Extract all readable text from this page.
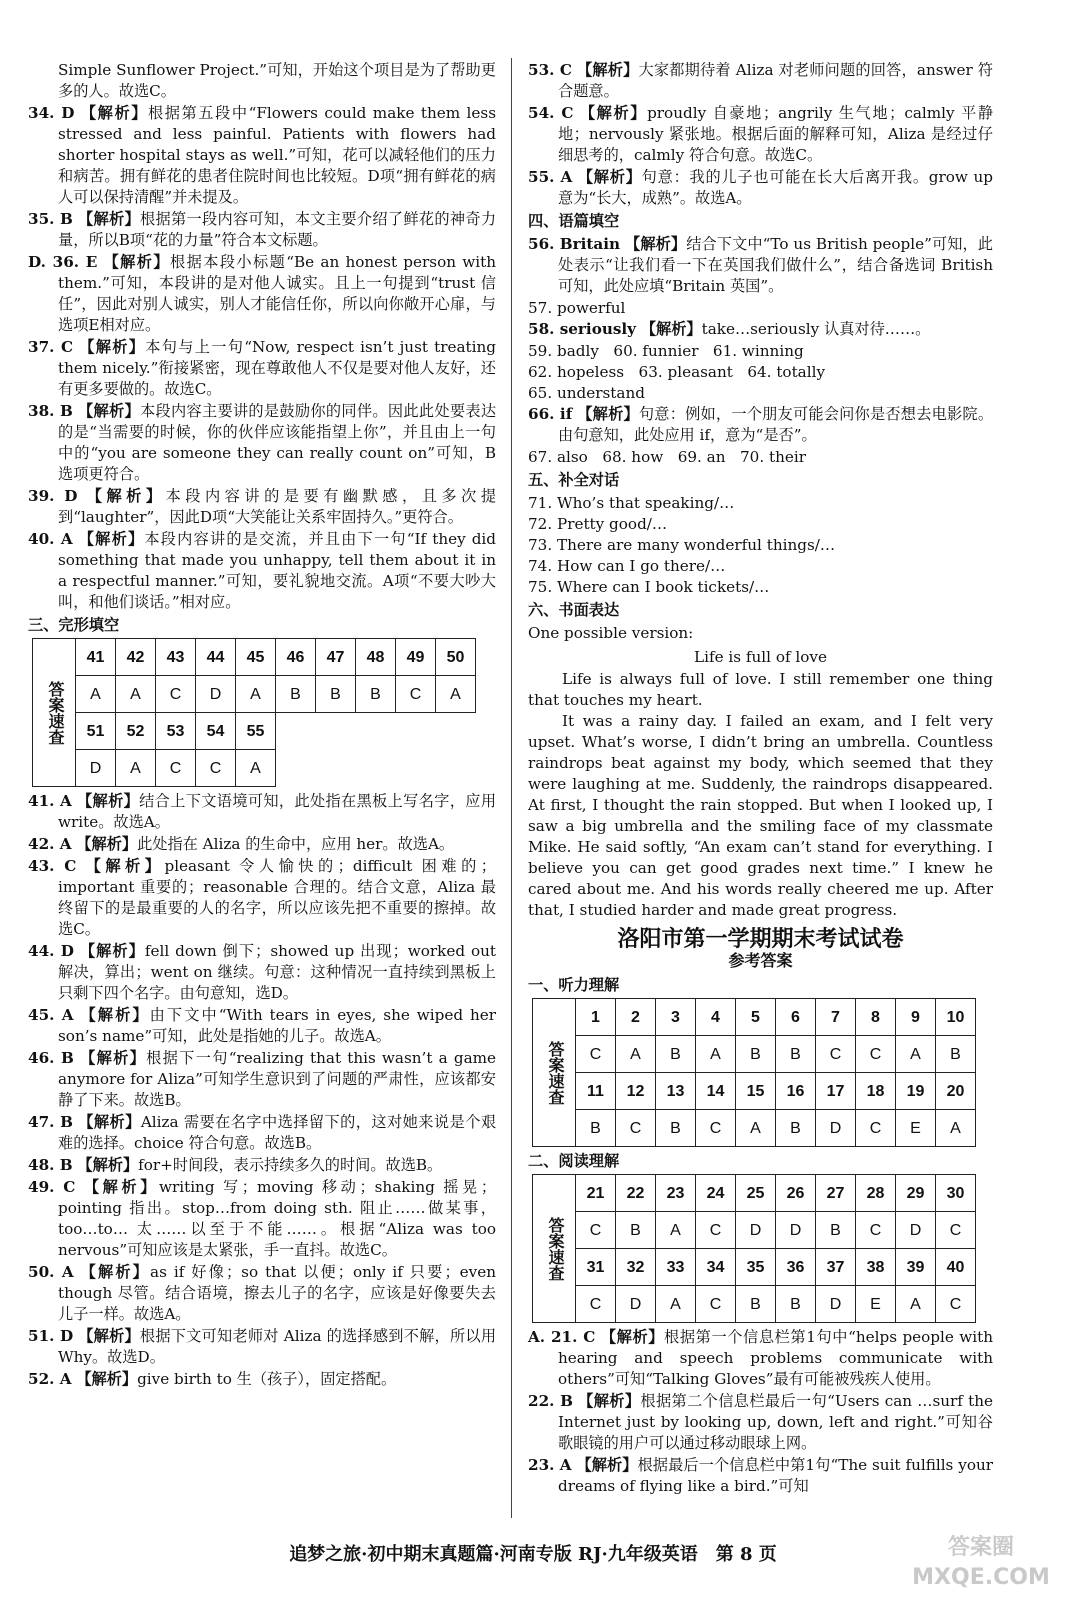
Simple Sunflower Project.”可知，开始这个项目是为了帮助更多的人。故选C。

34. D 【解析】根据第五段中“Flowers could make them less stressed and less painful. Patients with flowers had shorter hospital stays as well.”可知，花可以减轻他们的压力和病苦。拥有鲜花的患者住院时间也比较短。D项“拥有鲜花的病人可以保持清醒”并未提及。

35. B 【解析】根据第一段内容可知，本文主要介绍了鲜花的神奇力量，所以B项“花的力量”符合本文标题。

D. 36. E 【解析】根据本段小标题“Be an honest person with them.”可知，本段讲的是对他人诚实。且上一句提到“trust 信任”，因此对别人诚实，别人才能信任你，所以向你敞开心扉，与选项E相对应。

37. C 【解析】本句与上一句“Now, respect isn’t just treating them nicely.”衔接紧密，现在尊敢他人不仅是要对他人友好，还有更多要做的。故选C。

38. B 【解析】本段内容主要讲的是鼓励你的同伴。因此此处要表达的是“当需要的时候，你的伙伴应该能指望上你”，并且由上一句中的“you are someone they can really count on”可知，B选项更符合。

39. D 【解析】本段内容讲的是要有幽默感，且多次提到“laughter”，因此D项“大笑能让关系牢固持久。”更符合。

40. A 【解析】本段内容讲的是交流，并且由下一句“If they did something that made you unhappy, tell them about it in a respectful manner.”可知，要礼貌地交流。A项“不要大吵大叫，和他们谈话。”相对应。

三、完形填空
答案速查	41	42	43	44	45	46	47	48	49	50
	A	A	C	D	A	B	B	B	C	A
	51	52	53	54	55					
	D	A	C	C	A					

41. A 【解析】结合上下文语境可知，此处指在黑板上写名字，应用 write。故选A。

42. A 【解析】此处指在 Aliza 的生命中，应用 her。故选A。

43. C 【解析】pleasant 令人愉快的；difficult 困难的；important 重要的；reasonable 合理的。结合文意，Aliza 最终留下的是最重要的人的名字，所以应该先把不重要的擦掉。故选C。

44. D 【解析】fell down 倒下；showed up 出现；worked out 解决，算出；went on 继续。句意：这种情况一直持续到黑板上只剩下四个名字。由句意知，选D。

45. A 【解析】由下文中“With tears in eyes, she wiped her son’s name”可知，此处是指她的儿子。故选A。

46. B 【解析】根据下一句“realizing that this wasn’t a game anymore for Aliza”可知学生意识到了问题的严肃性，应该都安静了下来。故选B。

47. B 【解析】Aliza 需要在名字中选择留下的，这对她来说是个艰难的选择。choice 符合句意。故选B。

48. B 【解析】for+时间段，表示持续多久的时间。故选B。

49. C 【解析】writing 写；moving 移动；shaking 摇晃；pointing 指出。stop…from doing sth. 阻止……做某事，too…to… 太……以至于不能……。根据“Aliza was too nervous”可知应该是太紧张，手一直抖。故选C。

50. A 【解析】as if 好像；so that 以便；only if 只要；even though 尽管。结合语境，擦去儿子的名字，应该是好像要失去儿子一样。故选A。

51. D 【解析】根据下文可知老师对 Aliza 的选择感到不解，所以用 Why。故选D。

52. A 【解析】give birth to 生（孩子），固定搭配。

53. C 【解析】大家都期待着 Aliza 对老师问题的回答，answer 符合题意。

54. C 【解析】proudly 自豪地；angrily 生气地；calmly 平静地；nervously 紧张地。根据后面的解释可知，Aliza 是经过仔细思考的，calmly 符合句意。故选C。

55. A 【解析】句意：我的儿子也可能在长大后离开我。grow up 意为“长大，成熟”。故选A。

四、语篇填空

56. Britain 【解析】结合下文中“To us British people”可知，此处表示“让我们看一下在英国我们做什么”，结合备选词 British 可知，此处应填“Britain 英国”。

57. powerful

58. seriously 【解析】take…seriously 认真对待……。

59. badly   60. funnier   61. winning

62. hopeless   63. pleasant   64. totally

65. understand

66. if 【解析】句意：例如，一个朋友可能会问你是否想去电影院。由句意知，此处应用 if，意为“是否”。

67. also   68. how   69. an   70. their

五、补全对话

71. Who’s that speaking/…

72. Pretty good/…

73. There are many wonderful things/…

74. How can I go there/…

75. Where can I book tickets/…

六、书面表达

One possible version:

Life is full of love

Life is always full of love. I still remember one thing that touches my heart.

It was a rainy day. I failed an exam, and I felt very upset. What’s worse, I didn’t bring an umbrella. Countless raindrops beat against my body, which seemed that they were laughing at me. Suddenly, the raindrops disappeared. At first, I thought the rain stopped. But when I looked up, I saw a big umbrella and the smiling face of my classmate Mike. He said softly, “An exam can’t stand for everything. I believe you can get good grades next time.” I knew he cared about me. And his words really cheered me up. After that, I studied harder and made great progress.

洛阳市第一学期期末考试试卷
参考答案
一、听力理解
答案速查	1	2	3	4	5	6	7	8	9	10
	C	A	B	A	B	B	C	C	A	B
	11	12	13	14	15	16	17	18	19	20
	B	C	B	C	A	B	D	C	E	A
二、阅读理解
答案速查	21	22	23	24	25	26	27	28	29	30
	C	B	A	C	D	D	B	C	D	C
	31	32	33	34	35	36	37	38	39	40
	C	D	A	C	B	B	D	E	A	C

A. 21. C 【解析】根据第一个信息栏第1句中“helps people with hearing and speech problems communicate with others”可知“Talking Gloves”最有可能被残疾人使用。

22. B 【解析】根据第二个信息栏最后一句“Users can …surf the Internet just by looking up, down, left and right.”可知谷歌眼镜的用户可以通过移动眼球上网。

23. A 【解析】根据最后一个信息栏中第1句“The suit fulfills your dreams of flying like a bird.”可知

追梦之旅·初中期末真题篇·河南专版 RJ·九年级英语　第 8 页	答案圈
MXQE.COM
